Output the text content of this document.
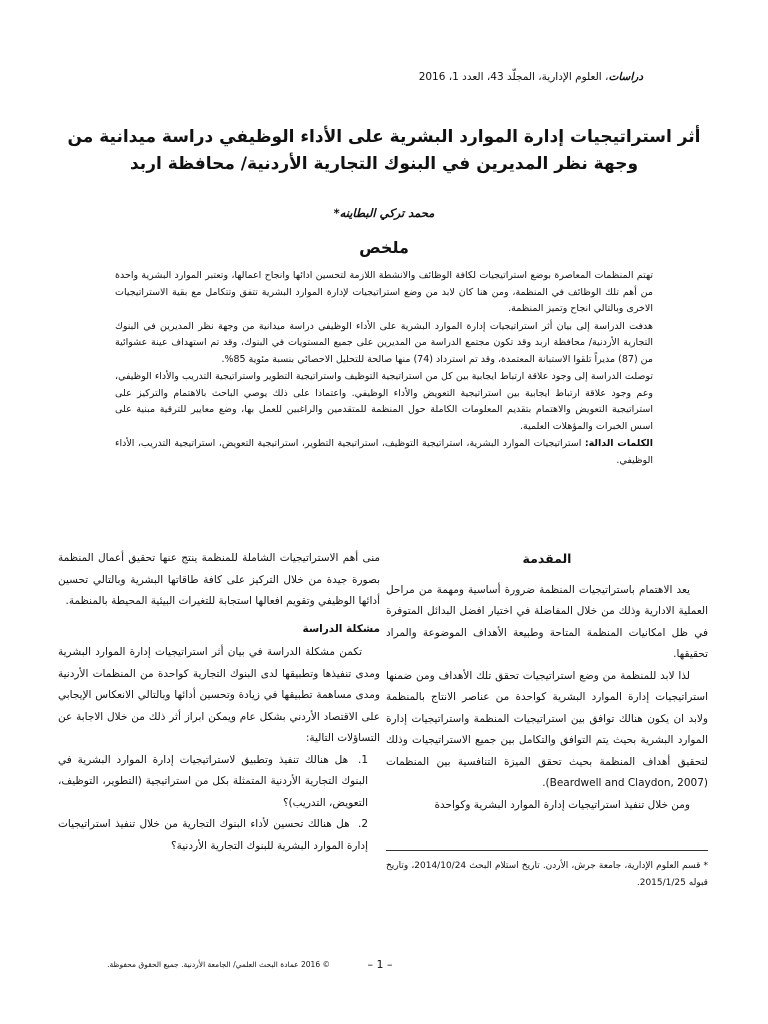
دراسات، العلوم الإدارية، المجلّد 43، العدد 1، 2016
أثر استراتيجيات إدارة الموارد البشرية على الأداء الوظيفي دراسة ميدانية من وجهة نظر المديرين في البنوك التجارية الأردنية/ محافظة اربد
محمد تركي البطاينه*
ملخص

تهتم المنظمات المعاصرة بوضع استراتيجيات لكافة الوظائف والانشطة اللازمة لتحسين ادائها وانجاح اعمالها، وتعتبر الموارد البشرية واحدة من أهم تلك الوظائف في المنظمة، ومن هنا كان لابد من وضع استراتيجيات لإدارة الموارد البشرية تتفق وتتكامل مع بقية الاستراتيجيات الاخرى وبالتالي انجاح وتميز المنظمة.

هدفت الدراسة إلى بيان أثر استراتيجيات إدارة الموارد البشرية على الأداء الوظيفي دراسة ميدانية من وجهة نظر المديرين في البنوك التجارية الأردنية/ محافظة اربد وقد تكون مجتمع الدراسة من المديرين على جميع المستويات في البنوك، وقد تم استهداف عينة عشوائية من (87) مديراً تلقوا الاستبانة المعتمدة، وقد تم استرداد (74) منها صالحة للتحليل الاحصائي بنسبة مئوية 85%.

توصلت الدراسة إلى وجود علاقة ارتباط ايجابية بين كل من استراتيجية التوظيف واستراتيجية التطوير واستراتيجية التدريب والأداء الوظيفي، وعم وجود علاقة ارتباط ايجابية بين استراتيجية التعويض والأداء الوظيفي. واعتمادا على ذلك يوصي الباحث بالاهتمام والتركيز على استراتيجية التعويض والاهتمام بتقديم المعلومات الكاملة حول المنظمة للمتقدمين والراغبين للعمل بها، وضع معايير للترقية مبنية على اسس الخبرات والمؤهلات العلمية.

الكلمات الدالة: استراتيجيات الموارد البشرية، استراتيجية التوظيف، استراتيجية التطوير، استراتيجية التعويض، استراتيجية التدريب، الأداء الوظيفي.

المقدمة

يعد الاهتمام باستراتيجيات المنظمة ضرورة أساسية ومهمة من مراحل العملية الادارية وذلك من خلال المفاضلة في اختيار افضل البدائل المتوفرة في ظل امكانيات المنظمة المتاحة وطبيعة الأهداف الموضوعة والمراد تحقيقها.

لذا لابد للمنظمة من وضع استراتيجيات تحقق تلك الأهداف ومن ضمنها استراتيجيات إدارة الموارد البشرية كواحدة من عناصر الانتاج بالمنظمة ولابد ان يكون هنالك توافق بين استراتيجيات المنظمة واستراتيجيات إدارة الموارد البشرية بحيث يتم التوافق والتكامل بين جميع الاستراتيجيات وذلك لتحقيق أهداف المنظمة بحيث تحقق الميزة التنافسية بين المنظمات (Beardwell and Claydon, 2007).

ومن خلال تنفيذ استراتيجيات إدارة الموارد البشرية وكواحدة

منى أهم الاستراتيجيات الشاملة للمنظمة ينتج عنها تحقيق أعمال المنظمة بصورة جيدة من خلال التركيز على كافة طاقاتها البشرية وبالتالي تحسين أدائها الوظيفي وتقويم افعالها استجابة للتغيرات البيئية المحيطة بالمنظمة.

مشكلة الدراسة

تكمن مشكلة الدراسة في بيان أثر استراتيجيات إدارة الموارد البشرية ومدى تنفيذها وتطبيقها لدى البنوك التجارية كواحدة من المنظمات الأردنية ومدى مساهمة تطبيقها في زيادة وتحسين أدائها وبالتالي الانعكاس الإيجابي على الاقتصاد الأردني بشكل عام ويمكن ابراز أثر ذلك من خلال الاجابة عن التساؤلات التالية:

1. هل هنالك تنفيذ وتطبيق لاستراتيجيات إدارة الموارد البشرية في البنوك التجارية الأردنية المتمثلة بكل من استراتيجية (التطوير، التوظيف، التعويض، التدريب)؟
2. هل هنالك تحسين لأداء البنوك التجارية من خلال تنفيذ استراتيجيات إدارة الموارد البشرية للبنوك التجارية الأردنية؟
* قسم العلوم الإدارية، جامعة جرش، الأردن. تاريخ استلام البحث 2014/10/24، وتاريخ قبوله 2015/1/25.
– 1 –
© 2016 عمادة البحث العلمي/ الجامعة الأردنية. جميع الحقوق محفوظة.
